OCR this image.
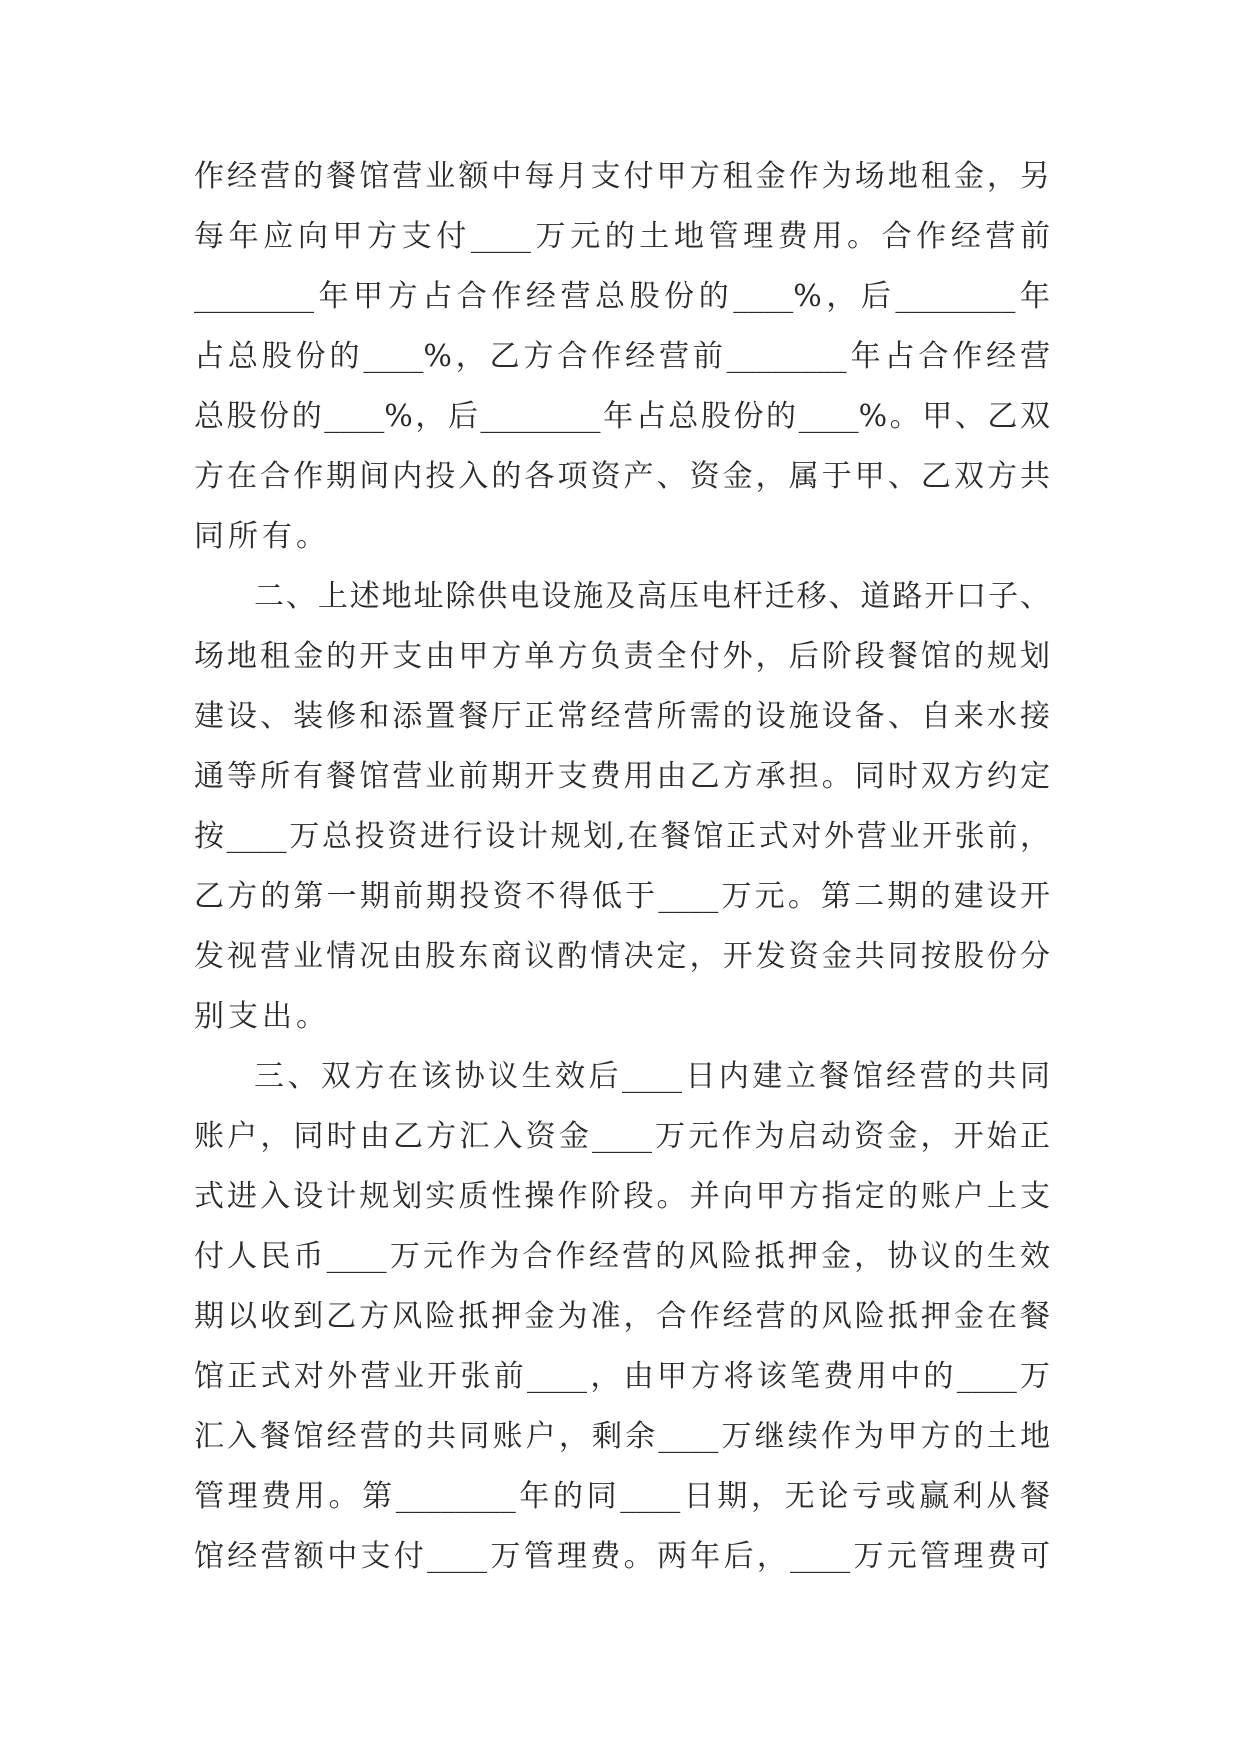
作经营的餐馆营业额中每月支付甲方租金作为场地租金，另
每年应向甲方支付____万元的土地管理费用。合作经营前
________年甲方占合作经营总股份的____%，后________年
占总股份的____%，乙方合作经营前________年占合作经营
总股份的____%，后________年占总股份的____%。甲、乙双
方在合作期间内投入的各项资产、资金，属于甲、乙双方共
同所有。
二、上述地址除供电设施及高压电杆迁移、道路开口子、
场地租金的开支由甲方单方负责全付外，后阶段餐馆的规划
建设、装修和添置餐厅正常经营所需的设施设备、自来水接
通等所有餐馆营业前期开支费用由乙方承担。同时双方约定
按____万总投资进行设计规划,在餐馆正式对外营业开张前，
乙方的第一期前期投资不得低于____万元。第二期的建设开
发视营业情况由股东商议酌情决定，开发资金共同按股份分
别支出。
三、双方在该协议生效后____日内建立餐馆经营的共同
账户，同时由乙方汇入资金____万元作为启动资金，开始正
式进入设计规划实质性操作阶段。并向甲方指定的账户上支
付人民币____万元作为合作经营的风险抵押金，协议的生效
期以收到乙方风险抵押金为准，合作经营的风险抵押金在餐
馆正式对外营业开张前____，由甲方将该笔费用中的____万
汇入餐馆经营的共同账户，剩余____万继续作为甲方的土地
管理费用。第________年的同____日期，无论亏或赢利从餐
馆经营额中支付____万管理费。两年后，____万元管理费可
